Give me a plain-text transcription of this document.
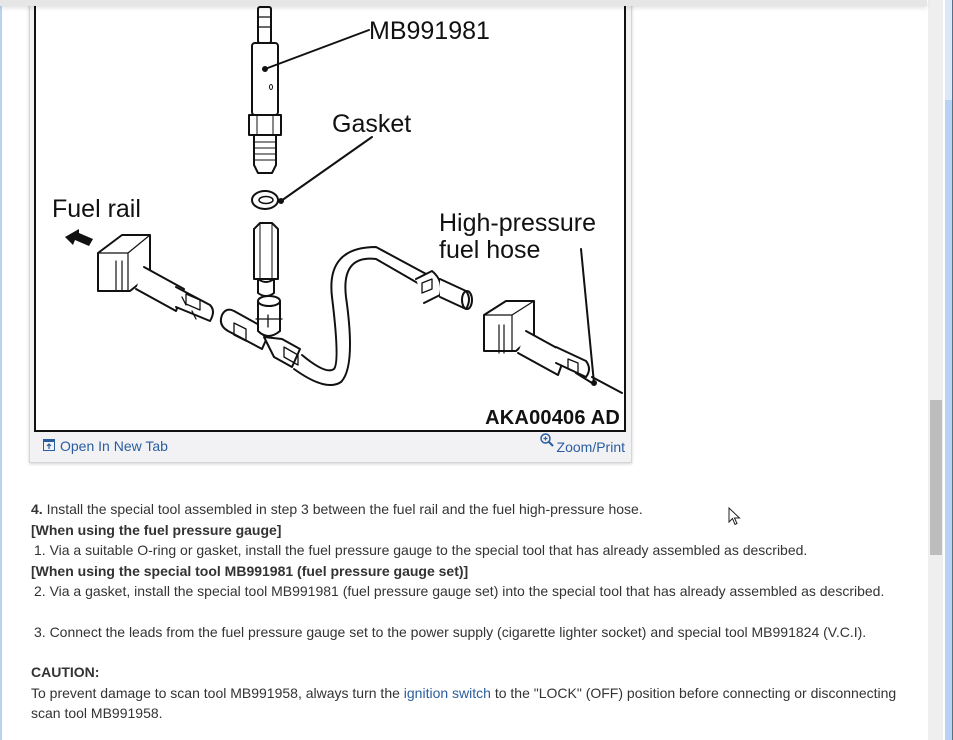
MB991981
Gasket
Fuel rail	High-pressure
fuel hose
AKA00406 AD
Open In New Tab	Zoom/Print

4. Install the special tool assembled in step 3 between the fuel rail and the fuel high-pressure hose.

[When using the fuel pressure gauge]

1. Via a suitable O-ring or gasket, install the fuel pressure gauge to the special tool that has already assembled as described.

[When using the special tool MB991981 (fuel pressure gauge set)]

2. Via a gasket, install the special tool MB991981 (fuel pressure gauge set) into the special tool that has already assembled as described.

3. Connect the leads from the fuel pressure gauge set to the power supply (cigarette lighter socket) and special tool MB991824 (V.C.I).

CAUTION:

To prevent damage to scan tool MB991958, always turn the ignition switch to the "LOCK" (OFF) position before connecting or disconnecting scan tool MB991958.
